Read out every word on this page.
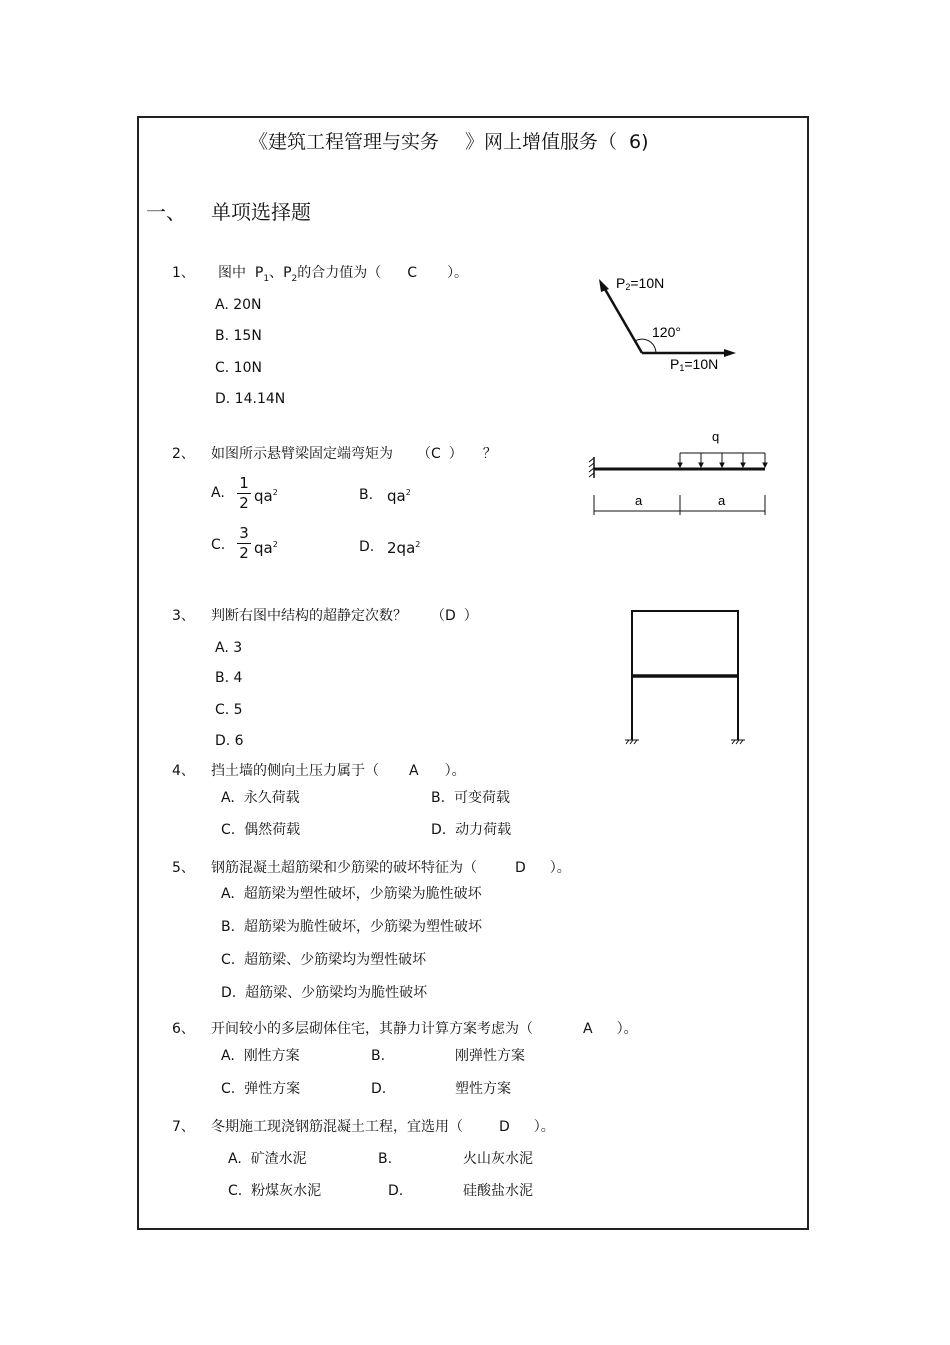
《建筑工程管理与实务 》网上增值服务（ 6)
一、 单项选择题
1、 图中 $P_1$、$P_2$的合力值为（ C ）。
A. 20N
B. 15N
C. 10N
D. 14.14N
P2=10N
120°
P1=10N
2、 如图所示悬臂梁固定端弯矩为 （C ） ？
A.
1
2 $qa^2$	B. $qa^2$
C.
3
2 $qa^2$	D. $2qa^2$
q
a	a
3、 判断右图中结构的超静定次数？ （D ）
A. 3
B. 4
C. 5
D. 6
4、 挡土墙的侧向土压力属于（ A ）。
A. 永久荷载	B. 可变荷载
C. 偶然荷载	D. 动力荷载
5、 钢筋混凝土超筋梁和少筋梁的破坏特征为（	D ）。
A. 超筋梁为塑性破坏，少筋梁为脆性破坏
B. 超筋梁为脆性破坏，少筋梁为塑性破坏
C. 超筋梁、少筋梁均为塑性破坏
D. 超筋梁、少筋梁均为脆性破坏
6、 开间较小的多层砌体住宅，其静力计算方案考虑为（	A ）。
A. 刚性方案	B.	刚弹性方案
C. 弹性方案	D.	塑性方案
7、 冬期施工现浇钢筋混凝土工程，宜选用（	D ）。
A. 矿渣水泥	B.	火山灰水泥
C. 粉煤灰水泥	D.	硅酸盐水泥
